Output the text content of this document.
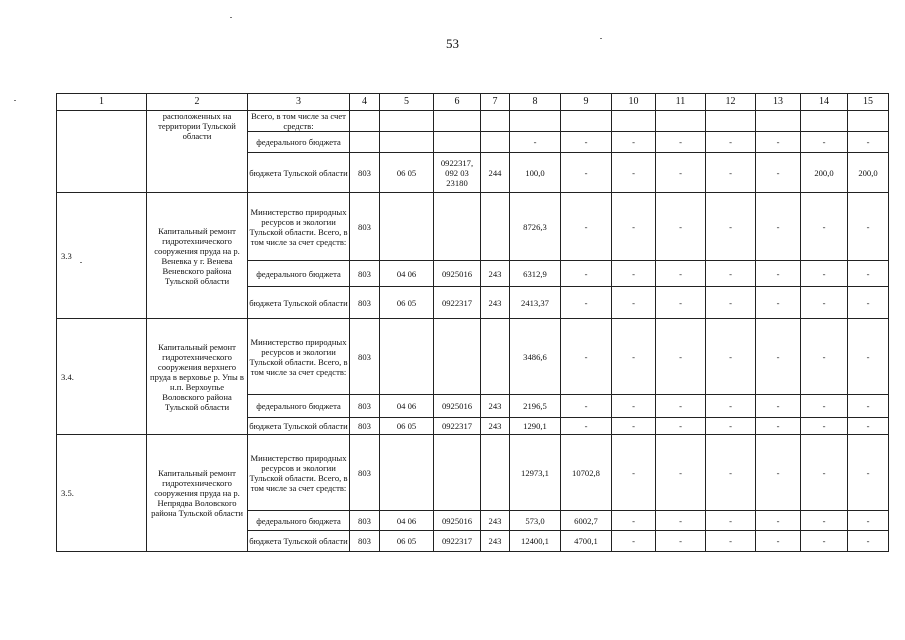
53
1	2	3	4	5	6	7	8	9	10	11	12	13	14	15
	расположенных на территории Тульской области	Всего, в том числе за счет средств:												
		федерального бюджета					-	-	-	-	-	-	-	-
		бюджета Тульской области	803	06 05	0922317, 092 03 23180	244	100,0	-	-	-	-	-	200,0	200,0
3.3	Капитальный ремонт гидротехнического сооружения пруда на р. Веневка у г. Венева Веневского района Тульской области	Министерство природных ресурсов и экологии Тульской области. Всего, в том числе за счет средств:	803				8726,3	-	-	-	-	-	-	-
		федерального бюджета	803	04 06	0925016	243	6312,9	-	-	-	-	-	-	-
		бюджета Тульской области	803	06 05	0922317	243	2413,37	-	-	-	-	-	-	-
3.4.	Капитальный ремонт гидротехнического сооружения верхнего пруда в верховье р. Упы в н.п. Верхоупье Воловского района Тульской области	Министерство природных ресурсов и экологии Тульской области. Всего, в том числе за счет средств:	803				3486,6	-	-	-	-	-	-	-
		федерального бюджета	803	04 06	0925016	243	2196,5	-	-	-	-	-	-	-
		бюджета Тульской области	803	06 05	0922317	243	1290,1	-	-	-	-	-	-	-
3.5.	Капитальный ремонт гидротехнического сооружения пруда на р. Непрядва Воловского района Тульской области	Министерство природных ресурсов и экологии Тульской области. Всего, в том числе за счет средств:	803				12973,1	10702,8	-	-	-	-	-	-
		федерального бюджета	803	04 06	0925016	243	573,0	6002,7	-	-	-	-	-	-
		бюджета Тульской области	803	06 05	0922317	243	12400,1	4700,1	-	-	-	-	-	-
